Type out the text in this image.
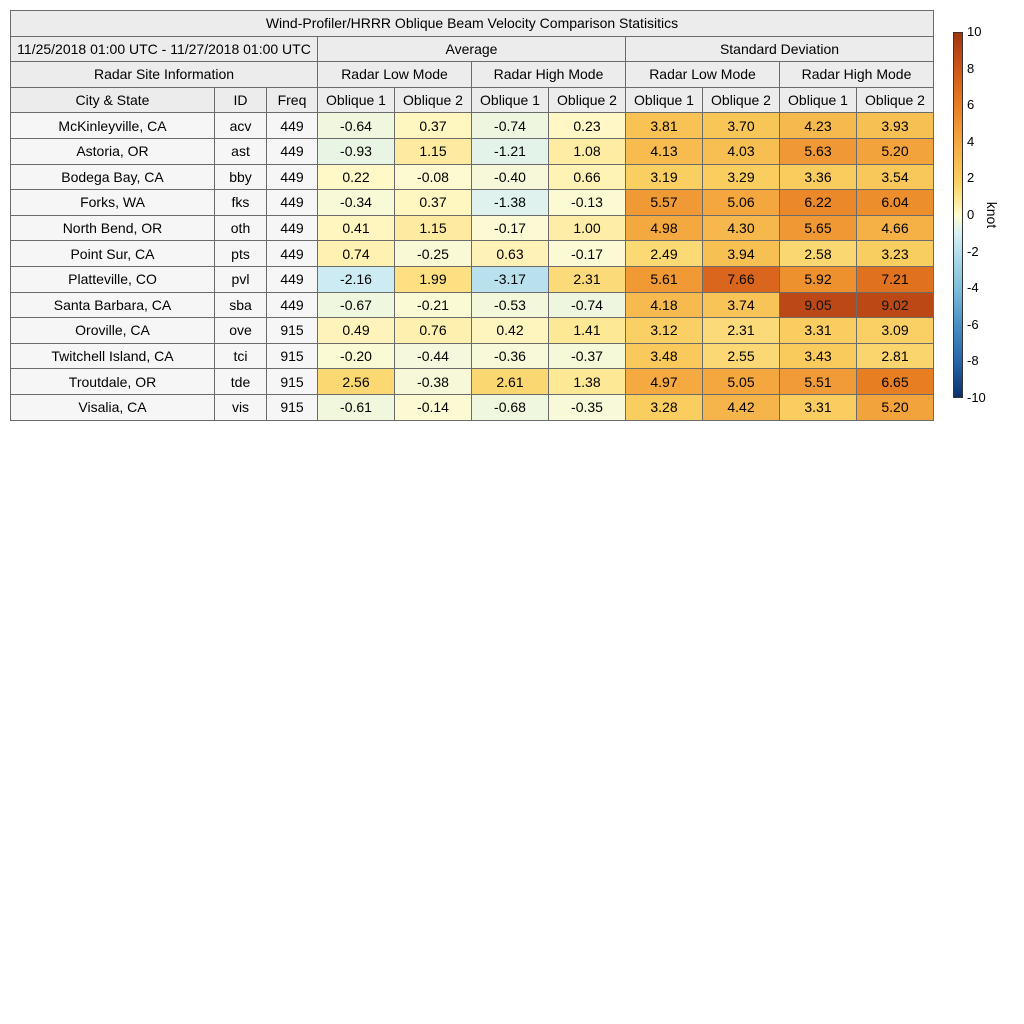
Wind-Profiler/HRRR Oblique Beam Velocity Comparison Statisitics										
11/25/2018 01:00 UTC - 11/27/2018 01:00 UTC			Average				Standard Deviation			
Radar Site Information			Radar Low Mode		Radar High Mode		Radar Low Mode		Radar High Mode	
City & State	ID	Freq	Oblique 1	Oblique 2	Oblique 1	Oblique 2	Oblique 1	Oblique 2	Oblique 1	Oblique 2
McKinleyville, CA	acv	449	-0.64	0.37	-0.74	0.23	3.81	3.70	4.23	3.93
Astoria, OR	ast	449	-0.93	1.15	-1.21	1.08	4.13	4.03	5.63	5.20
Bodega Bay, CA	bby	449	0.22	-0.08	-0.40	0.66	3.19	3.29	3.36	3.54
Forks, WA	fks	449	-0.34	0.37	-1.38	-0.13	5.57	5.06	6.22	6.04
North Bend, OR	oth	449	0.41	1.15	-0.17	1.00	4.98	4.30	5.65	4.66
Point Sur, CA	pts	449	0.74	-0.25	0.63	-0.17	2.49	3.94	2.58	3.23
Platteville, CO	pvl	449	-2.16	1.99	-3.17	2.31	5.61	7.66	5.92	7.21
Santa Barbara, CA	sba	449	-0.67	-0.21	-0.53	-0.74	4.18	3.74	9.05	9.02
Oroville, CA	ove	915	0.49	0.76	0.42	1.41	3.12	2.31	3.31	3.09
Twitchell Island, CA	tci	915	-0.20	-0.44	-0.36	-0.37	3.48	2.55	3.43	2.81
Troutdale, OR	tde	915	2.56	-0.38	2.61	1.38	4.97	5.05	5.51	6.65
Visalia, CA	vis	915	-0.61	-0.14	-0.68	-0.35	3.28	4.42	3.31	5.20
10
8
6
4
2
0
-2
-4
-6
-8
-10
knot
